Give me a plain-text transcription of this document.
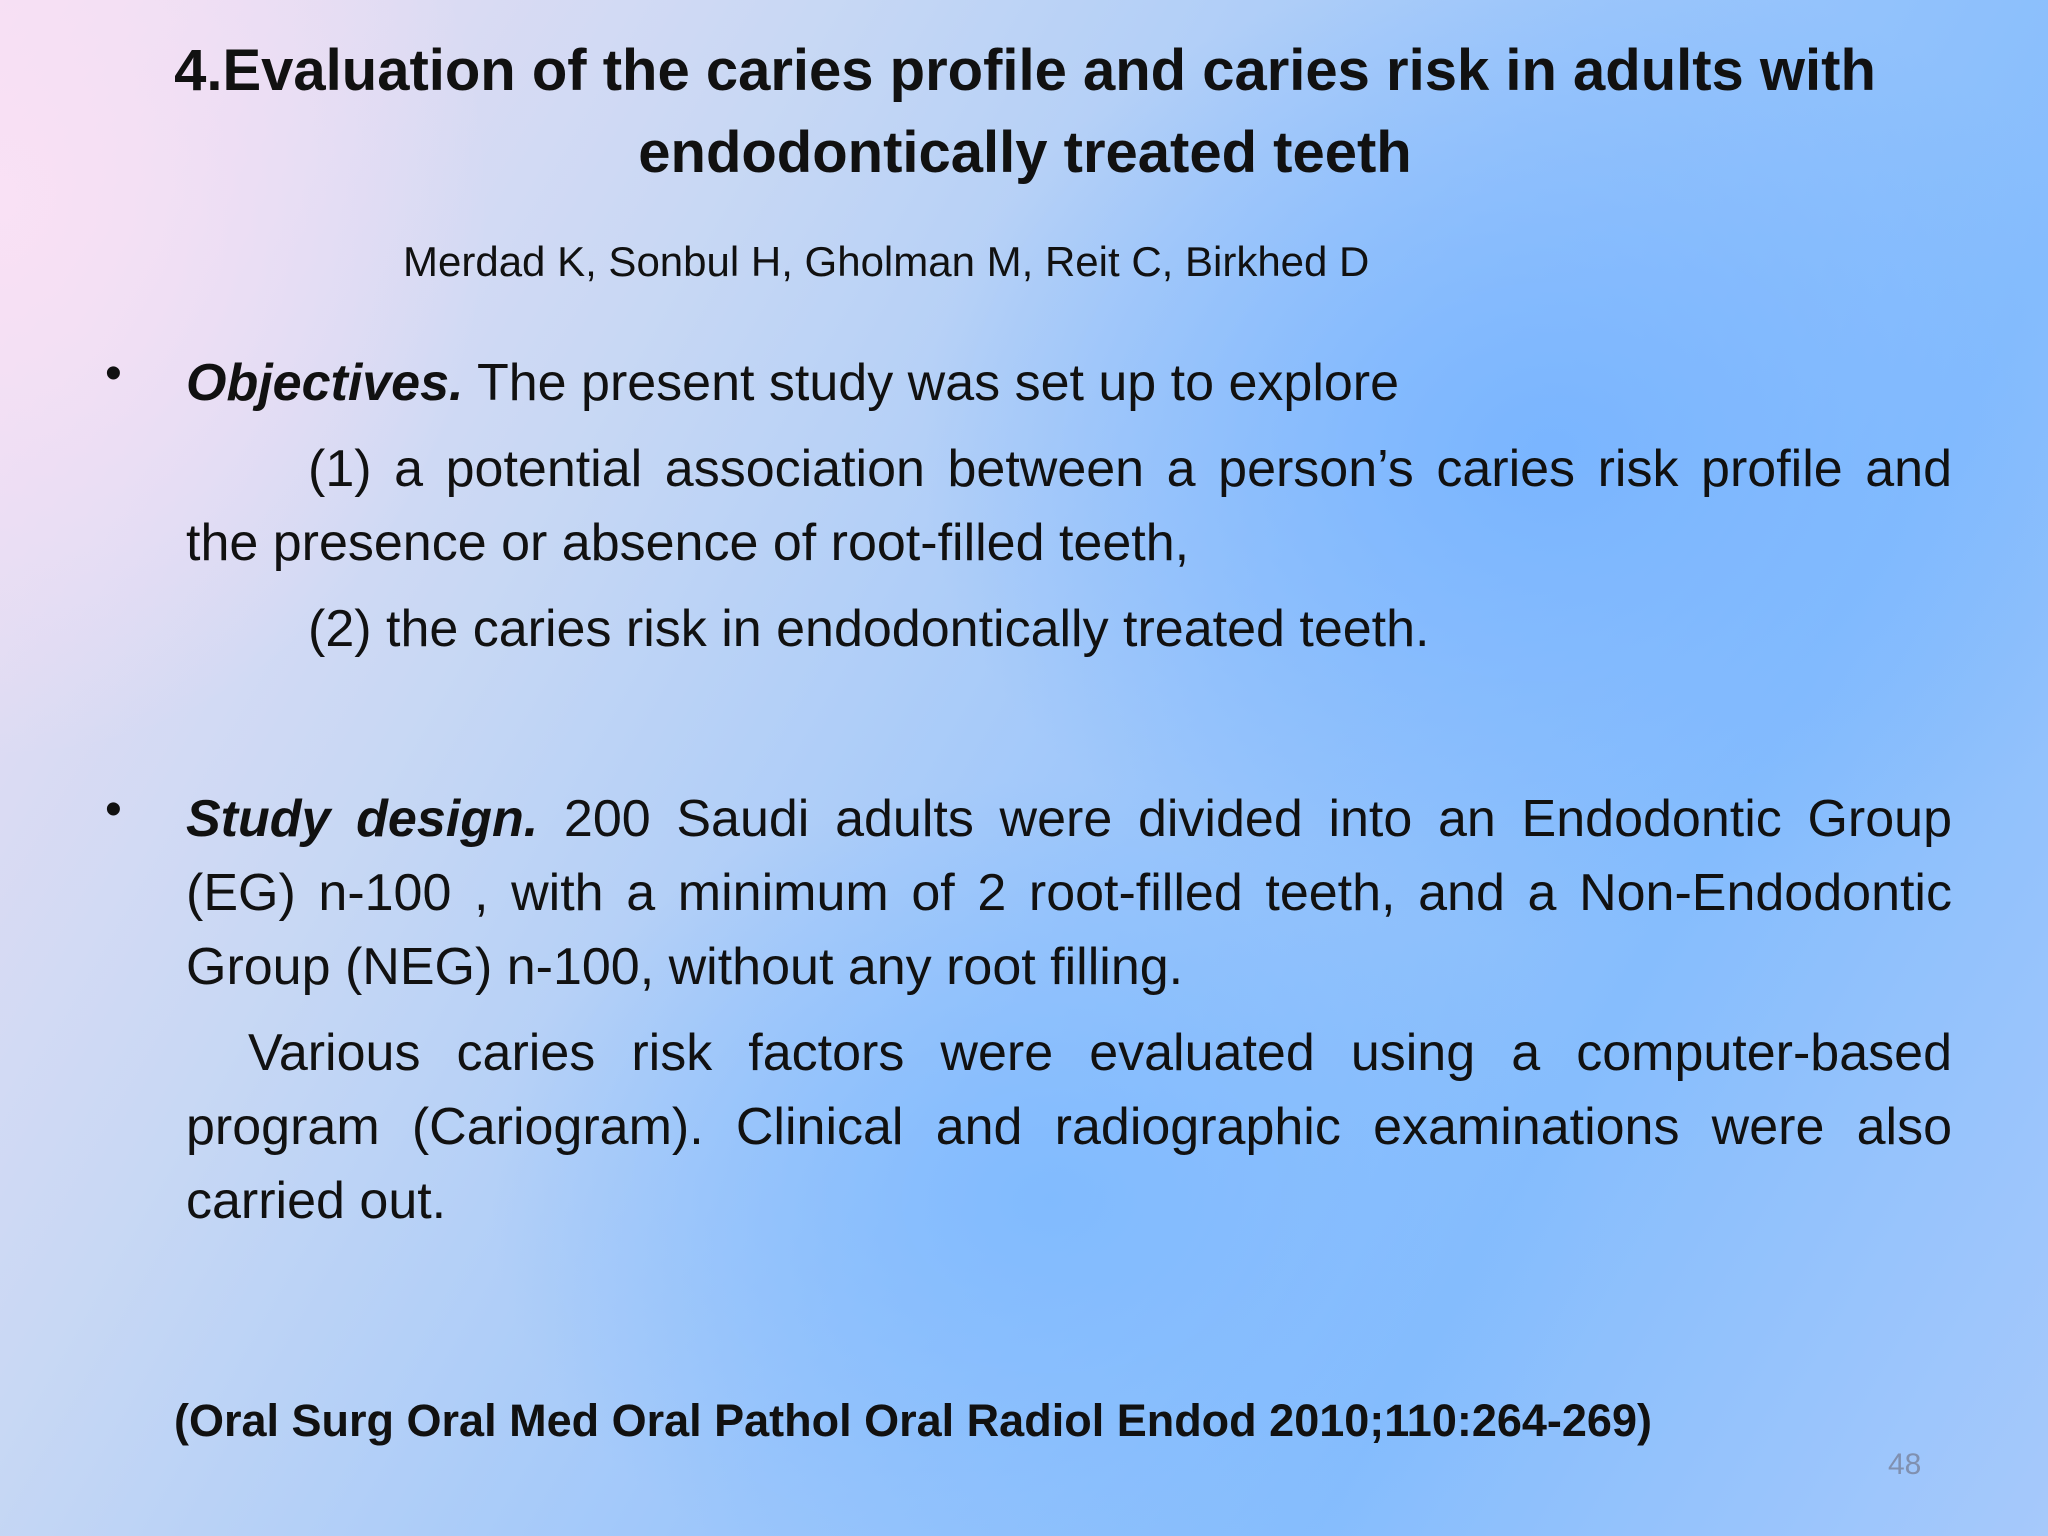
4.Evaluation of the caries profile and caries risk in adults with endodontically treated teeth
Merdad K, Sonbul H, Gholman M, Reit C, Birkhed D
• Objectives. The present study was set up to explore

(1) a potential association between a person’s caries risk profile and the presence or absence of root-filled teeth,

(2) the caries risk in endodontically treated teeth.

• Study design. 200 Saudi adults were divided into an Endodontic Group (EG) n-100 , with a minimum of 2 root-filled teeth, and a Non-Endodontic Group (NEG) n-100, without any root filling.

Various caries risk factors were evaluated using a computer-based program (Cariogram). Clinical and radiographic examinations were also carried out.

(Oral Surg Oral Med Oral Pathol Oral Radiol Endod 2010;110:264-269)
48
